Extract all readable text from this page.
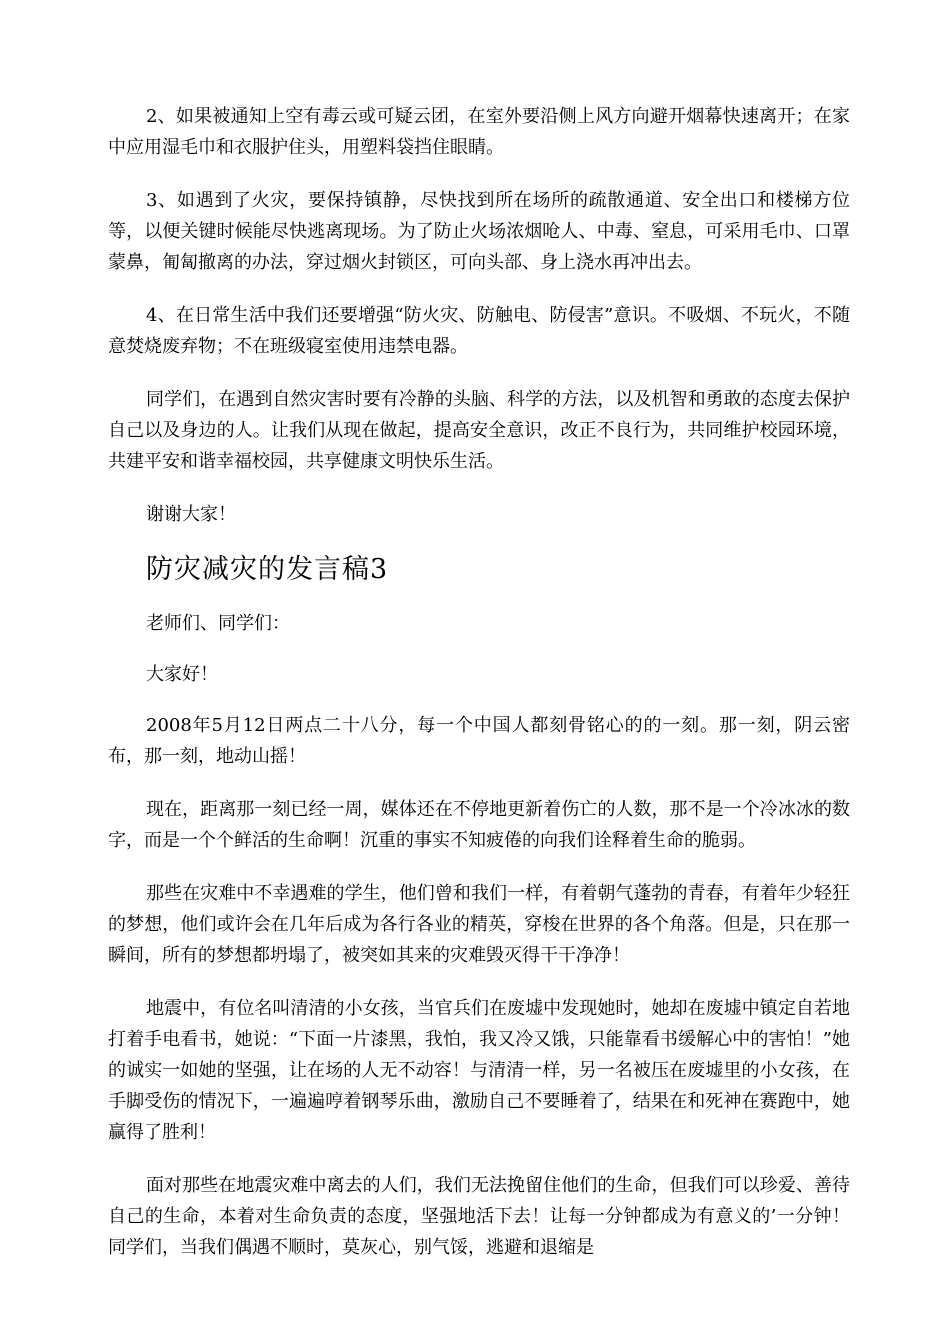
2、如果被通知上空有毒云或可疑云团，在室外要沿侧上风方向避开烟幕快速离开；在家中应用湿毛巾和衣服护住头，用塑料袋挡住眼睛。

3、如遇到了火灾，要保持镇静，尽快找到所在场所的疏散通道、安全出口和楼梯方位等，以便关键时候能尽快逃离现场。为了防止火场浓烟呛人、中毒、窒息，可采用毛巾、口罩蒙鼻，匍匐撤离的办法，穿过烟火封锁区，可向头部、身上浇水再冲出去。

4、在日常生活中我们还要增强“防火灾、防触电、防侵害”意识。不吸烟、不玩火，不随意焚烧废弃物；不在班级寝室使用违禁电器。

同学们，在遇到自然灾害时要有冷静的头脑、科学的方法，以及机智和勇敢的态度去保护自己以及身边的人。让我们从现在做起，提高安全意识，改正不良行为，共同维护校园环境，共建平安和谐幸福校园，共享健康文明快乐生活。

谢谢大家！

防灾减灾的发言稿3

老师们、同学们：

大家好！

2008年5月12日两点二十八分，每一个中国人都刻骨铭心的的一刻。那一刻，阴云密布，那一刻，地动山摇！

现在，距离那一刻已经一周，媒体还在不停地更新着伤亡的人数，那不是一个冷冰冰的数字，而是一个个鲜活的生命啊！沉重的事实不知疲倦的向我们诠释着生命的脆弱。

那些在灾难中不幸遇难的学生，他们曾和我们一样，有着朝气蓬勃的青春，有着年少轻狂的梦想，他们或许会在几年后成为各行各业的精英，穿梭在世界的各个角落。但是，只在那一瞬间，所有的梦想都坍塌了，被突如其来的灾难毁灭得干干净净！

地震中，有位名叫清清的小女孩，当官兵们在废墟中发现她时，她却在废墟中镇定自若地打着手电看书，她说：“下面一片漆黑，我怕，我又冷又饿，只能靠看书缓解心中的害怕！”她的诚实一如她的坚强，让在场的人无不动容！与清清一样，另一名被压在废墟里的小女孩，在手脚受伤的情况下，一遍遍哼着钢琴乐曲，激励自己不要睡着了，结果在和死神在赛跑中，她赢得了胜利！

面对那些在地震灾难中离去的人们，我们无法挽留住他们的生命，但我们可以珍爱、善待自己的生命，本着对生命负责的态度，坚强地活下去！让每一分钟都成为有意义的’一分钟！同学们，当我们偶遇不顺时，莫灰心，别气馁，逃避和退缩是
